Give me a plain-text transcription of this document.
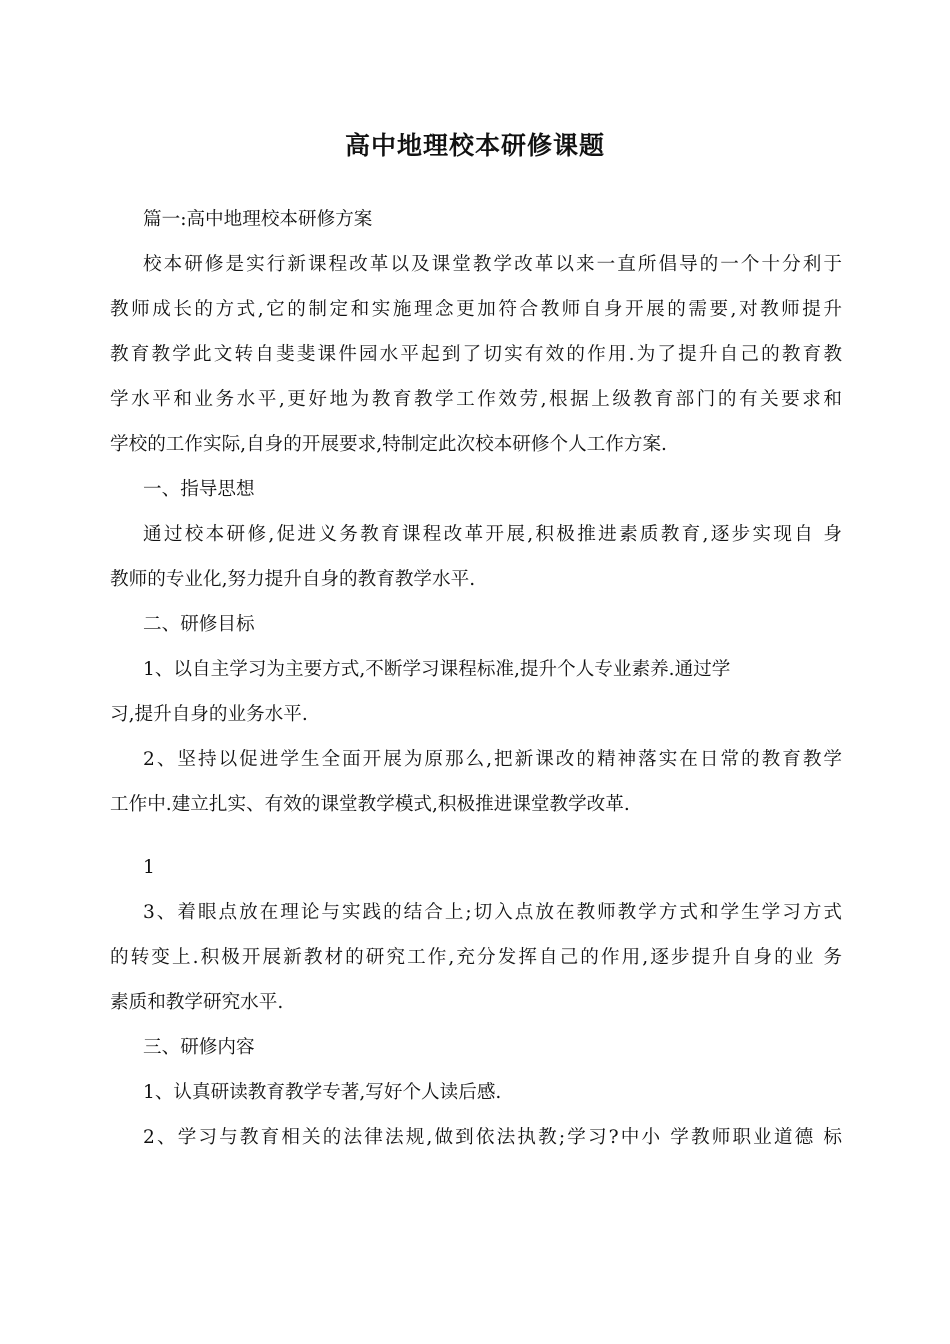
高中地理校本研修课题
篇一:高中地理校本研修方案
校本研修是实行新课程改革以及课堂教学改革以来一直所倡导的一个十分利于
教师成长的方式,它的制定和实施理念更加符合教师自身开展的需要,对教师提升
教育教学此文转自斐斐课件园水平起到了切实有效的作用.为了提升自己的教育教
学水平和业务水平,更好地为教育教学工作效劳,根据上级教育部门的有关要求和
学校的工作实际,自身的开展要求,特制定此次校本研修个人工作方案.
一、指导思想
通过校本研修,促进义务教育课程改革开展,积极推进素质教育,逐步实现自 身
教师的专业化,努力提升自身的教育教学水平.
二、研修目标
1、以自主学习为主要方式,不断学习课程标准,提升个人专业素养.通过学
习,提升自身的业务水平.
2、坚持以促进学生全面开展为原那么,把新课改的精神落实在日常的教育教学
工作中.建立扎实、有效的课堂教学模式,积极推进课堂教学改革.
1
3、着眼点放在理论与实践的结合上;切入点放在教师教学方式和学生学习方式
的转变上.积极开展新教材的研究工作,充分发挥自己的作用,逐步提升自身的业 务
素质和教学研究水平.
三、研修内容
1、认真研读教育教学专著,写好个人读后感.
2、学习与教育相关的法律法规,做到依法执教;学习?中小 学教师职业道德 标
